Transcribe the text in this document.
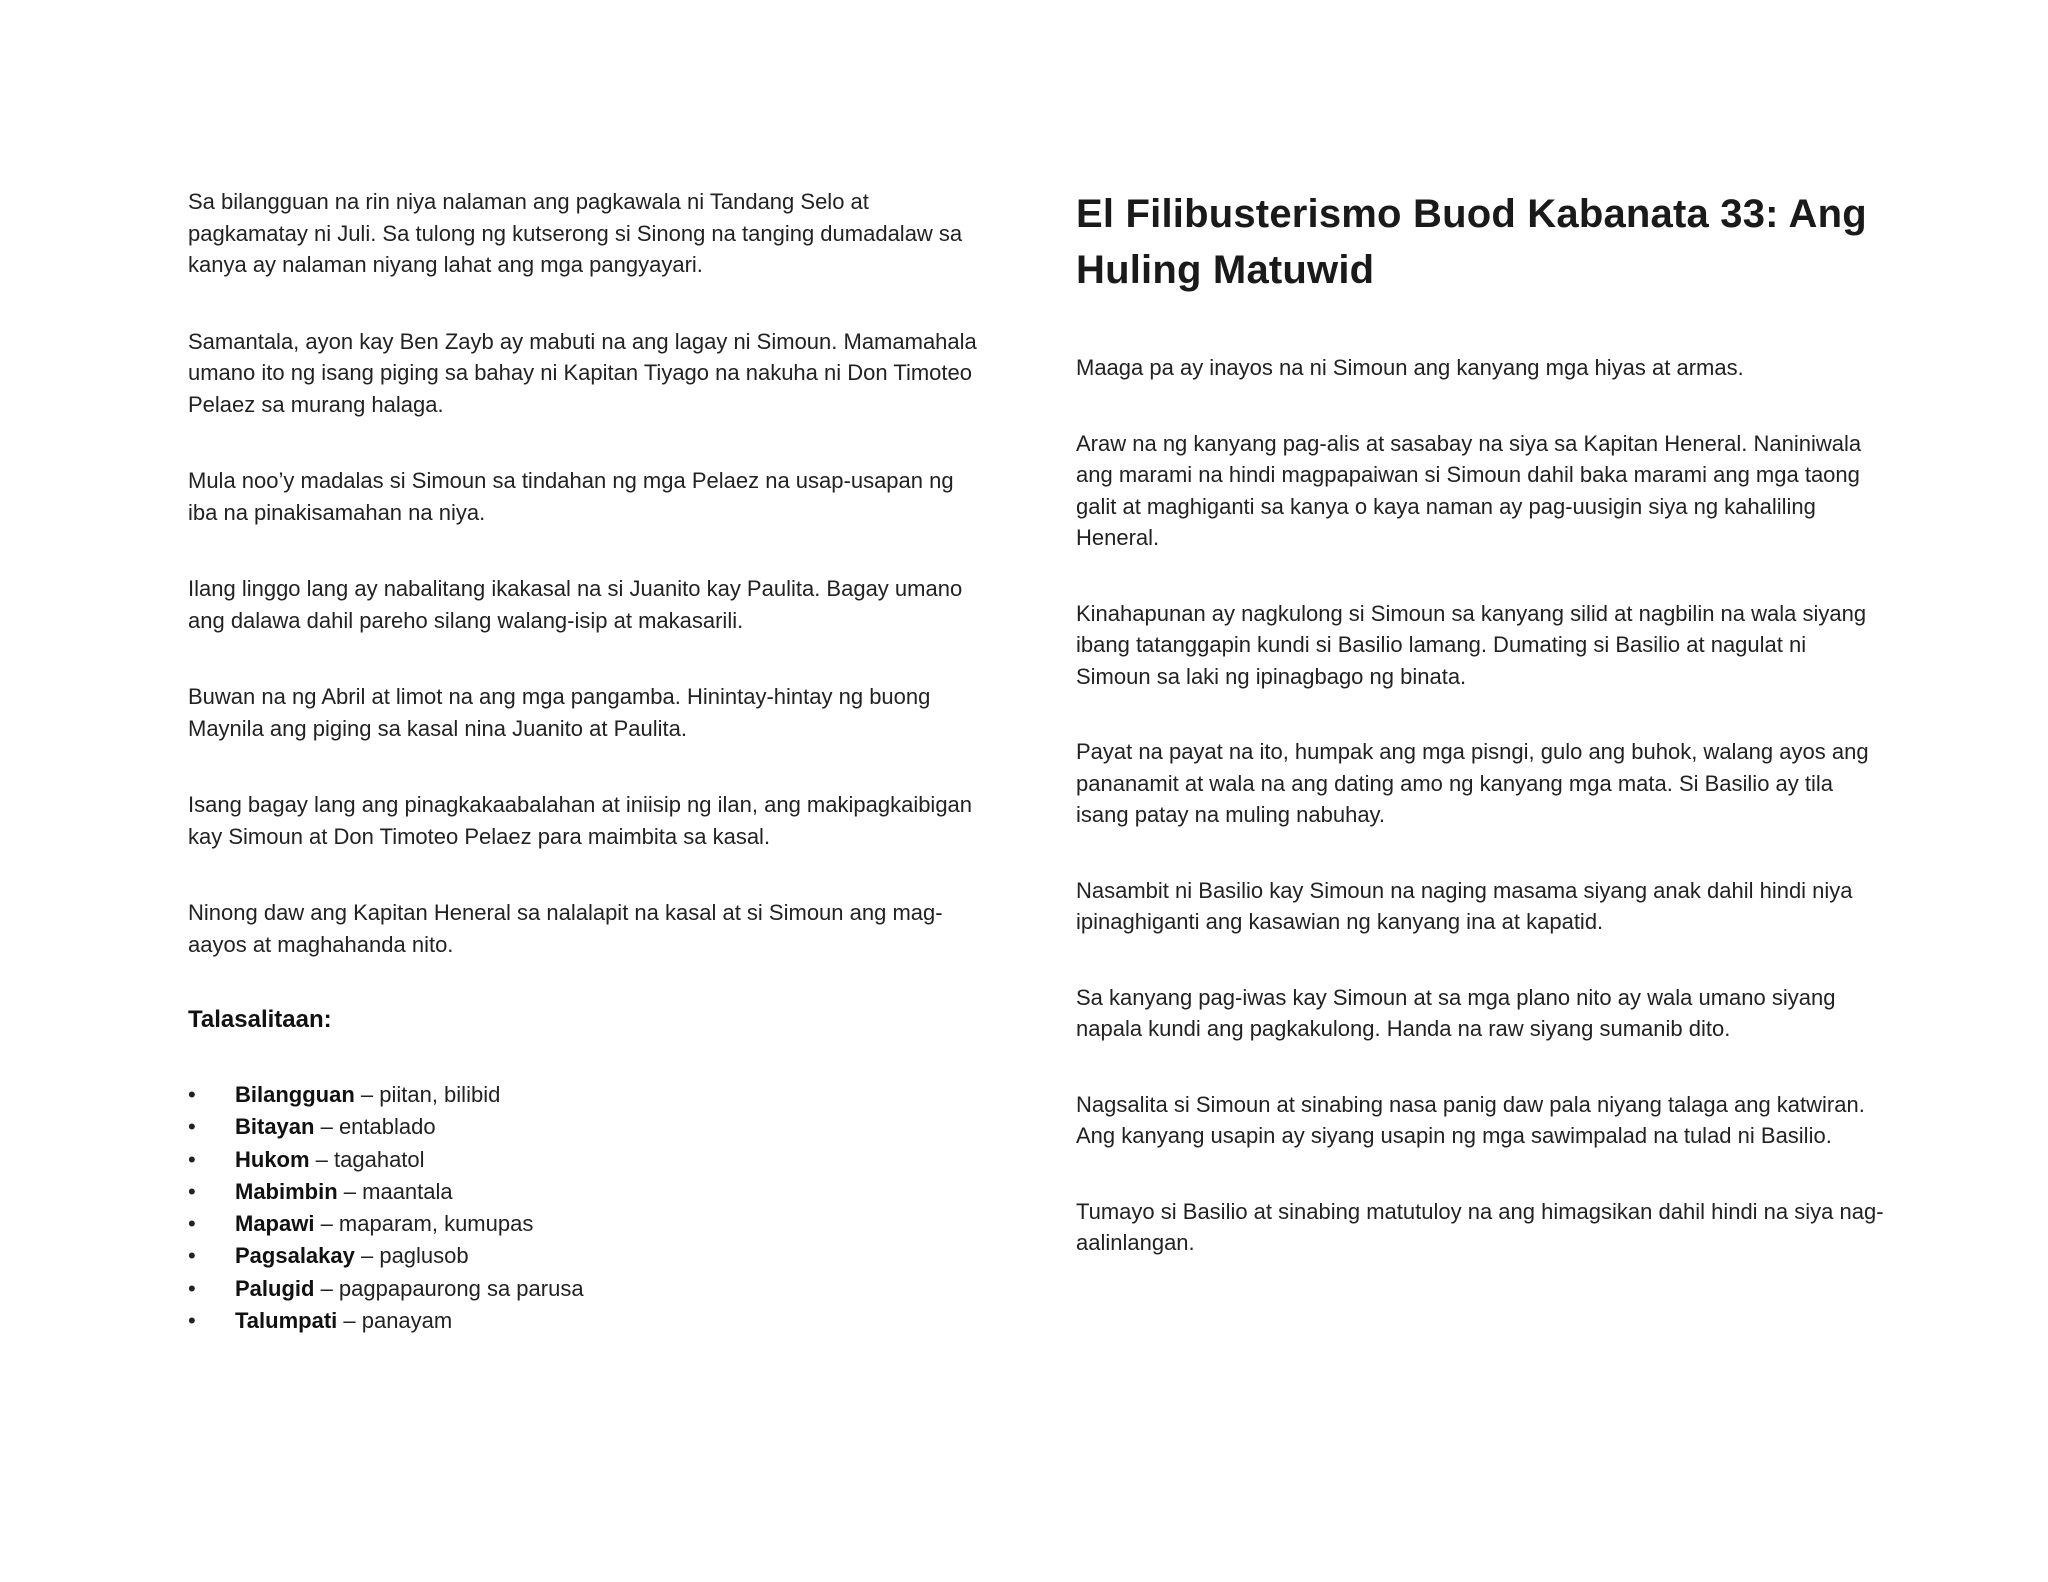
Sa bilangguan na rin niya nalaman ang pagkawala ni Tandang Selo at pagkamatay ni Juli. Sa tulong ng kutserong si Sinong na tanging dumadalaw sa kanya ay nalaman niyang lahat ang mga pangyayari.

Samantala, ayon kay Ben Zayb ay mabuti na ang lagay ni Simoun. Mamamahala umano ito ng isang piging sa bahay ni Kapitan Tiyago na nakuha ni Don Timoteo Pelaez sa murang halaga.

Mula noo’y madalas si Simoun sa tindahan ng mga Pelaez na usap-usapan ng iba na pinakisamahan na niya.

Ilang linggo lang ay nabalitang ikakasal na si Juanito kay Paulita. Bagay umano ang dalawa dahil pareho silang walang-isip at makasarili.

Buwan na ng Abril at limot na ang mga pangamba. Hinintay-hintay ng buong Maynila ang piging sa kasal nina Juanito at Paulita.

Isang bagay lang ang pinagkakaabalahan at iniisip ng ilan, ang makipagkaibigan kay Simoun at Don Timoteo Pelaez para maimbita sa kasal.

Ninong daw ang Kapitan Heneral sa nalalapit na kasal at si Simoun ang mag-aayos at maghahanda nito.

Talasalitaan:
• Bilangguan – piitan, bilibid
• Bitayan – entablado
• Hukom – tagahatol
• Mabimbin – maantala
• Mapawi – maparam, kumupas
• Pagsalakay – paglusob
• Palugid – pagpapaurong sa parusa
• Talumpati – panayam
El Filibusterismo Buod Kabanata 33: Ang Huling Matuwid

Maaga pa ay inayos na ni Simoun ang kanyang mga hiyas at armas.

Araw na ng kanyang pag-alis at sasabay na siya sa Kapitan Heneral. Naniniwala ang marami na hindi magpapaiwan si Simoun dahil baka marami ang mga taong galit at maghiganti sa kanya o kaya naman ay pag-uusigin siya ng kahaliling Heneral.

Kinahapunan ay nagkulong si Simoun sa kanyang silid at nagbilin na wala siyang ibang tatanggapin kundi si Basilio lamang. Dumating si Basilio at nagulat ni Simoun sa laki ng ipinagbago ng binata.

Payat na payat na ito, humpak ang mga pisngi, gulo ang buhok, walang ayos ang pananamit at wala na ang dating amo ng kanyang mga mata. Si Basilio ay tila isang patay na muling nabuhay.

Nasambit ni Basilio kay Simoun na naging masama siyang anak dahil hindi niya ipinaghiganti ang kasawian ng kanyang ina at kapatid.

Sa kanyang pag-iwas kay Simoun at sa mga plano nito ay wala umano siyang napala kundi ang pagkakulong. Handa na raw siyang sumanib dito.

Nagsalita si Simoun at sinabing nasa panig daw pala niyang talaga ang katwiran. Ang kanyang usapin ay siyang usapin ng mga sawimpalad na tulad ni Basilio.

Tumayo si Basilio at sinabing matutuloy na ang himagsikan dahil hindi na siya nag-aalinlangan.
